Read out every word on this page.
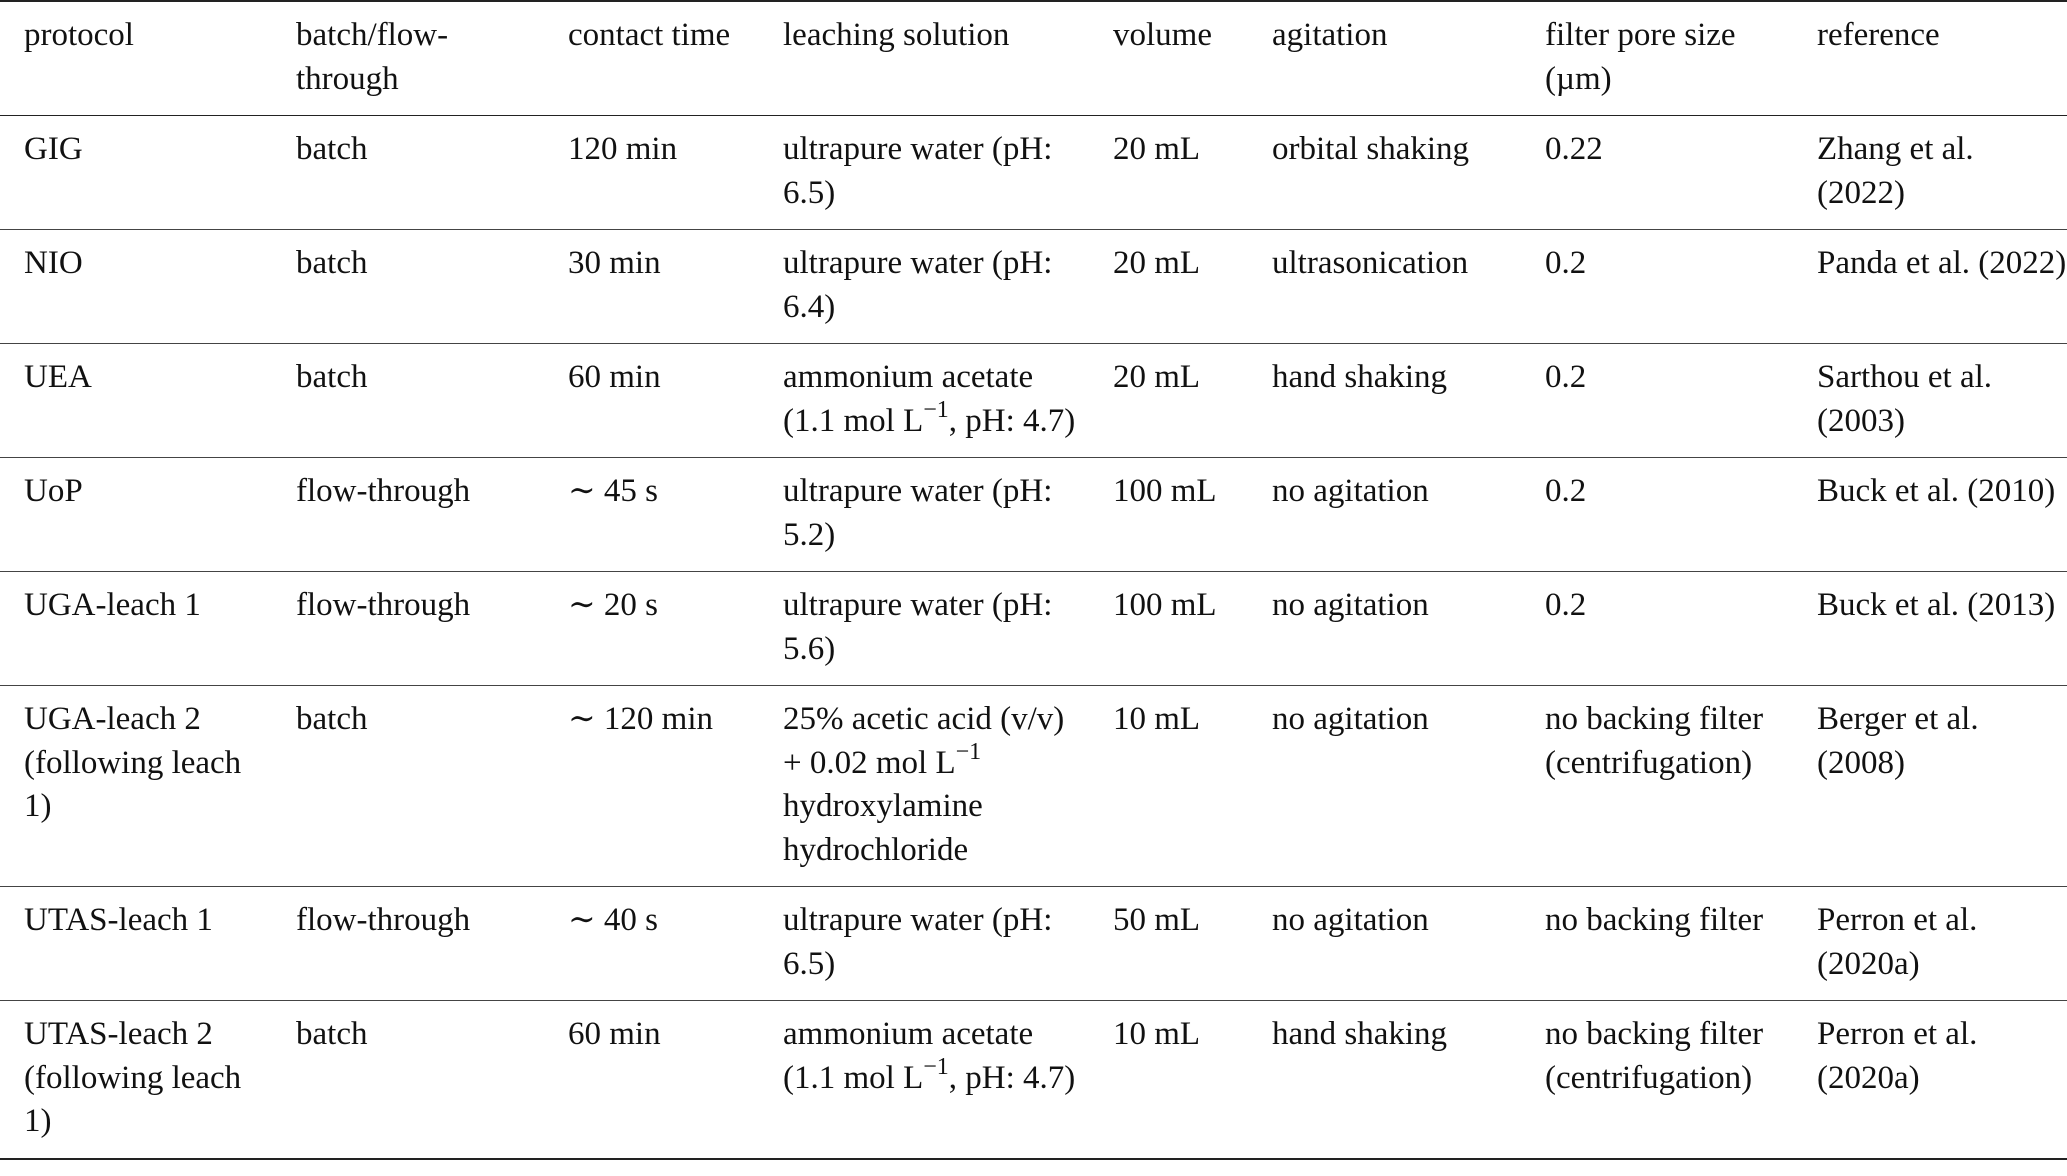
protocol	batch/flow-through	contact time	leaching solution	volume	agitation	filter pore size (µm)	reference
GIG	batch	120 min	ultrapure water (pH: 6.5)	20 mL	orbital shaking	0.22	Zhang et al. (2022)
NIO	batch	30 min	ultrapure water (pH: 6.4)	20 mL	ultrasonication	0.2	Panda et al. (2022)
UEA	batch	60 min	ammonium acetate (1.1 mol $L^{-1}$, pH: 4.7)	20 mL	hand shaking	0.2	Sarthou et al. (2003)
UoP	flow-through	∼ 45 s	ultrapure water (pH: 5.2)	100 mL	no agitation	0.2	Buck et al. (2010)
UGA-leach 1	flow-through	∼ 20 s	ultrapure water (pH: 5.6)	100 mL	no agitation	0.2	Buck et al. (2013)
UGA-leach 2 (following leach 1)	batch	∼ 120 min	25% acetic acid (v/v) + 0.02 mol $L^{-1}$ hydroxylamine hydrochloride	10 mL	no agitation	no backing filter (centrifugation)	Berger et al. (2008)
UTAS-leach 1	flow-through	∼ 40 s	ultrapure water (pH: 6.5)	50 mL	no agitation	no backing filter	Perron et al. (2020a)
UTAS-leach 2 (following leach 1)	batch	60 min	ammonium acetate (1.1 mol $L^{-1}$, pH: 4.7)	10 mL	hand shaking	no backing filter (centrifugation)	Perron et al. (2020a)
